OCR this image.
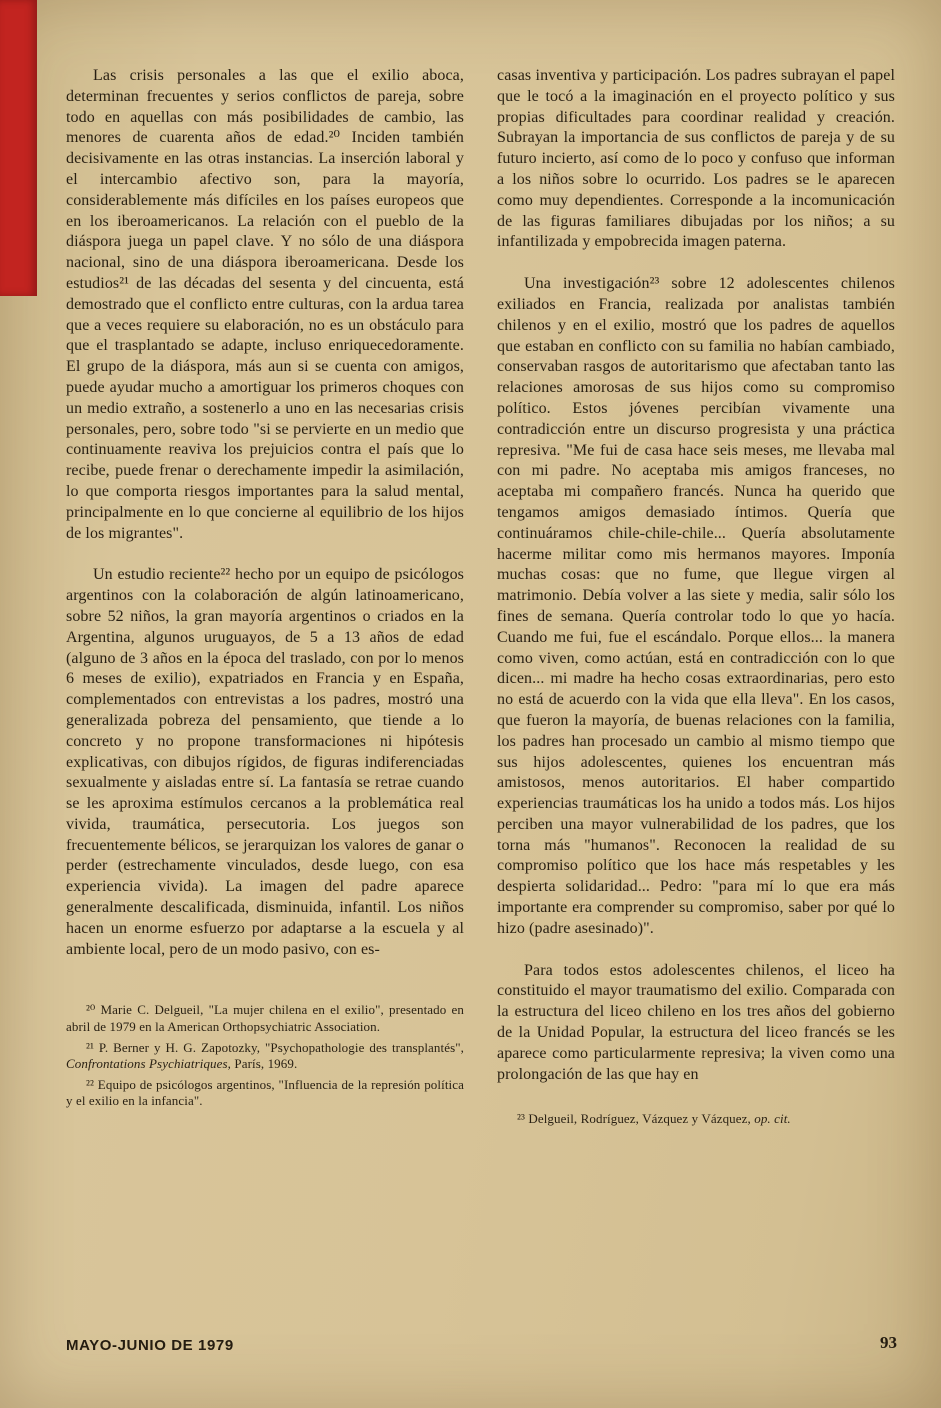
Las crisis personales a las que el exilio aboca, determinan frecuentes y serios conflictos de pareja, sobre todo en aquellas con más posibilidades de cambio, las menores de cuarenta años de edad.²⁰ Inciden también decisivamente en las otras instancias. La inserción laboral y el intercambio afectivo son, para la mayoría, considerablemente más difíciles en los países europeos que en los iberoamericanos. La relación con el pueblo de la diáspora juega un papel clave. Y no sólo de una diáspora nacional, sino de una diáspora iberoamericana. Desde los estudios²¹ de las décadas del sesenta y del cincuenta, está demostrado que el conflicto entre culturas, con la ardua tarea que a veces requiere su elaboración, no es un obstáculo para que el trasplantado se adapte, incluso enriquecedoramente. El grupo de la diáspora, más aun si se cuenta con amigos, puede ayudar mucho a amortiguar los primeros choques con un medio extraño, a sostenerlo a uno en las necesarias crisis personales, pero, sobre todo "si se pervierte en un medio que continuamente reaviva los prejuicios contra el país que lo recibe, puede frenar o derechamente impedir la asimilación, lo que comporta riesgos importantes para la salud mental, principalmente en lo que concierne al equilibrio de los hijos de los migrantes".

Un estudio reciente²² hecho por un equipo de psicólogos argentinos con la colaboración de algún latinoamericano, sobre 52 niños, la gran mayoría argentinos o criados en la Argentina, algunos uruguayos, de 5 a 13 años de edad (alguno de 3 años en la época del traslado, con por lo menos 6 meses de exilio), expatriados en Francia y en España, complementados con entrevistas a los padres, mostró una generalizada pobreza del pensamiento, que tiende a lo concreto y no propone transformaciones ni hipótesis explicativas, con dibujos rígidos, de figuras indiferenciadas sexualmente y aisladas entre sí. La fantasía se retrae cuando se les aproxima estímulos cercanos a la problemática real vivida, traumática, persecutoria. Los juegos son frecuentemente bélicos, se jerarquizan los valores de ganar o perder (estrechamente vinculados, desde luego, con esa experiencia vivida). La imagen del padre aparece generalmente descalificada, disminuida, infantil. Los niños hacen un enorme esfuerzo por adaptarse a la escuela y al ambiente local, pero de un modo pasivo, con es-

²⁰ Marie C. Delgueil, "La mujer chilena en el exilio", presentado en abril de 1979 en la American Orthopsychiatric Association.

²¹ P. Berner y H. G. Zapotozky, "Psychopathologie des transplantés", Confrontations Psychiatriques, París, 1969.

²² Equipo de psicólogos argentinos, "Influencia de la represión política y el exilio en la infancia".

casas inventiva y participación. Los padres subrayan el papel que le tocó a la imaginación en el proyecto político y sus propias dificultades para coordinar realidad y creación. Subrayan la importancia de sus conflictos de pareja y de su futuro incierto, así como de lo poco y confuso que informan a los niños sobre lo ocurrido. Los padres se le aparecen como muy dependientes. Corresponde a la incomunicación de las figuras familiares dibujadas por los niños; a su infantilizada y empobrecida imagen paterna.

Una investigación²³ sobre 12 adolescentes chilenos exiliados en Francia, realizada por analistas también chilenos y en el exilio, mostró que los padres de aquellos que estaban en conflicto con su familia no habían cambiado, conservaban rasgos de autoritarismo que afectaban tanto las relaciones amorosas de sus hijos como su compromiso político. Estos jóvenes percibían vivamente una contradicción entre un discurso progresista y una práctica represiva. "Me fui de casa hace seis meses, me llevaba mal con mi padre. No aceptaba mis amigos franceses, no aceptaba mi compañero francés. Nunca ha querido que tengamos amigos demasiado íntimos. Quería que continuáramos chile-chile-chile... Quería absolutamente hacerme militar como mis hermanos mayores. Imponía muchas cosas: que no fume, que llegue virgen al matrimonio. Debía volver a las siete y media, salir sólo los fines de semana. Quería controlar todo lo que yo hacía. Cuando me fui, fue el escándalo. Porque ellos... la manera como viven, como actúan, está en contradicción con lo que dicen... mi madre ha hecho cosas extraordinarias, pero esto no está de acuerdo con la vida que ella lleva". En los casos, que fueron la mayoría, de buenas relaciones con la familia, los padres han procesado un cambio al mismo tiempo que sus hijos adolescentes, quienes los encuentran más amistosos, menos autoritarios. El haber compartido experiencias traumáticas los ha unido a todos más. Los hijos perciben una mayor vulnerabilidad de los padres, que los torna más "humanos". Reconocen la realidad de su compromiso político que los hace más respetables y les despierta solidaridad... Pedro: "para mí lo que era más importante era comprender su compromiso, saber por qué lo hizo (padre asesinado)".

Para todos estos adolescentes chilenos, el liceo ha constituido el mayor traumatismo del exilio. Comparada con la estructura del liceo chileno en los tres años del gobierno de la Unidad Popular, la estructura del liceo francés se les aparece como particularmente represiva; la viven como una prolongación de las que hay en

²³ Delgueil, Rodríguez, Vázquez y Vázquez, op. cit.

MAYO-JUNIO DE 1979	93
